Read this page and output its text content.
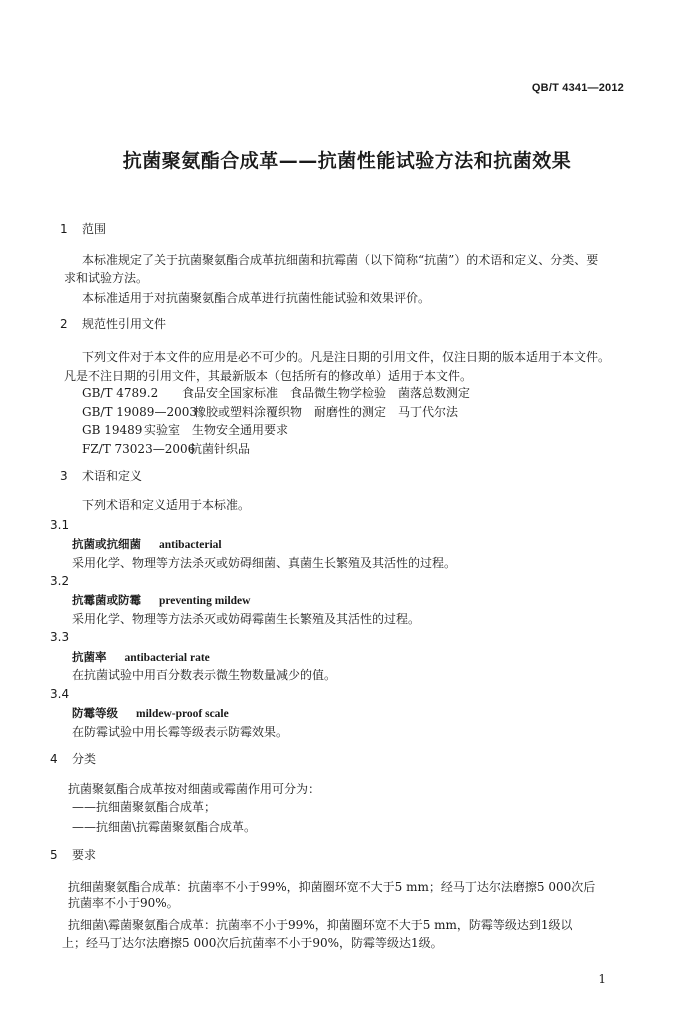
QB/T 4341—2012
抗菌聚氨酯合成革——抗菌性能试验方法和抗菌效果
1 范围
本标准规定了关于抗菌聚氨酯合成革抗细菌和抗霉菌（以下简称“抗菌”）的术语和定义、分类、要
求和试验方法。
本标准适用于对抗菌聚氨酯合成革进行抗菌性能试验和效果评价。
2 规范性引用文件
下列文件对于本文件的应用是必不可少的。凡是注日期的引用文件，仅注日期的版本适用于本文件。
凡是不注日期的引用文件，其最新版本（包括所有的修改单）适用于本文件。
GB/T 4789.2 食品安全国家标准　食品微生物学检验　菌落总数测定
GB/T 19089—2003橡胶或塑料涂覆织物　耐磨性的测定　马丁代尔法
GB 19489 实验室　生物安全通用要求
FZ/T 73023—2006抗菌针织品
3 术语和定义
下列术语和定义适用于本标准。
3.1
抗菌或抗细菌 antibacterial
采用化学、物理等方法杀灭或妨碍细菌、真菌生长繁殖及其活性的过程。
3.2
抗霉菌或防霉 preventing mildew
采用化学、物理等方法杀灭或妨碍霉菌生长繁殖及其活性的过程。
3.3
抗菌率 antibacterial rate
在抗菌试验中用百分数表示微生物数量减少的值。
3.4
防霉等级 mildew-proof scale
在防霉试验中用长霉等级表示防霉效果。
4 分类
抗菌聚氨酯合成革按对细菌或霉菌作用可分为：
——抗细菌聚氨酯合成革；
——抗细菌\抗霉菌聚氨酯合成革。
5 要求
抗细菌聚氨酯合成革：抗菌率不小于99%，抑菌圈环宽不大于5 mm；经马丁达尔法磨擦5 000次后
抗菌率不小于90%。
抗细菌\霉菌聚氨酯合成革：抗菌率不小于99%，抑菌圈环宽不大于5 mm，防霉等级达到1级以
上；经马丁达尔法磨擦5 000次后抗菌率不小于90%，防霉等级达1级。
1
